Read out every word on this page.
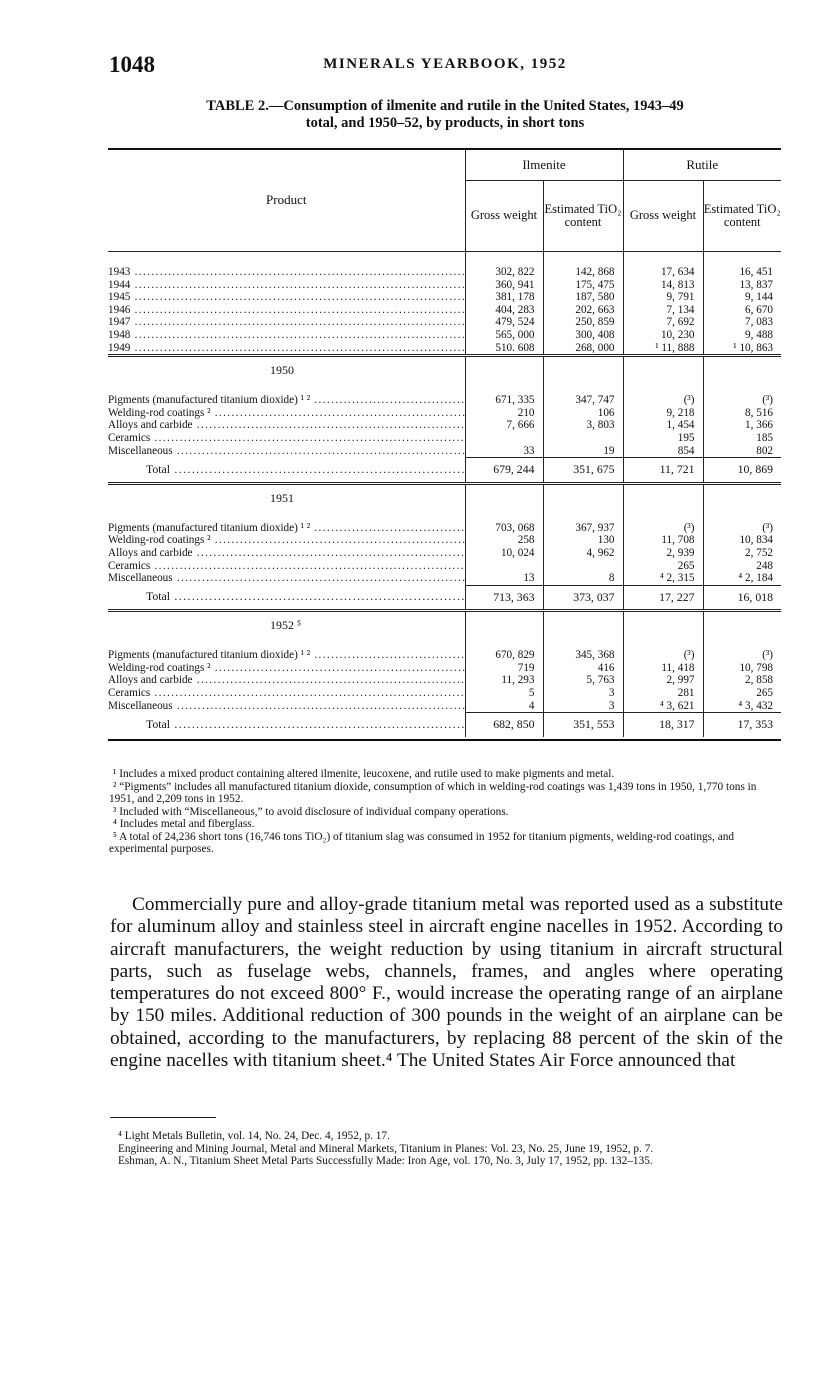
1048	MINERALS YEARBOOK, 1952
TABLE 2.—Consumption of ilmenite and rutile in the United States, 1943–49
total, and 1950–52, by products, in short tons
Product	Ilmenite		Rutile	
	Gross weight	Estimated TiO₂ content	Gross weight	Estimated TiO₂ content

1943 .....	302, 822	142, 868	17, 634	16, 451
1944 .....	360, 941	175, 475	14, 813	13, 837
1945 .....	381, 178	187, 580	9, 791	9, 144
1946 .....	404, 283	202, 663	7, 134	6, 670
1947 .....	479, 524	250, 859	7, 692	7, 083
1948 .....	565, 000	300, 408	10, 230	9, 488
1949 .....	510. 608	268, 000	¹ 11, 888	¹ 10, 863

1950				

Pigments (manufactured titanium dioxide) ¹ ² .....	671, 335	347, 747	(³)	(³)
Welding-rod coatings ² .....	210	106	9, 218	8, 516
Alloys and carbide .....	7, 666	3, 803	1, 454	1, 366
Ceramics .....			195	185
Miscellaneous .....	33	19	854	802
Total .....	679, 244	351, 675	11, 721	10, 869

1951				

Pigments (manufactured titanium dioxide) ¹ ² .....	703, 068	367, 937	(³)	(³)
Welding-rod coatings ² .....	258	130	11, 708	10, 834
Alloys and carbide .....	10, 024	4, 962	2, 939	2, 752
Ceramics .....			265	248
Miscellaneous .....	13	8	⁴ 2, 315	⁴ 2, 184
Total .....	713, 363	373, 037	17, 227	16, 018

1952 ⁵				

Pigments (manufactured titanium dioxide) ¹ ² .....	670, 829	345, 368	(³)	(³)
Welding-rod coatings ² .....	719	416	11, 418	10, 798
Alloys and carbide .....	11, 293	5, 763	2, 997	2, 858
Ceramics .....	5	3	281	265
Miscellaneous .....	4	3	⁴ 3, 621	⁴ 3, 432
Total .....	682, 850	351, 553	18, 317	17, 353

¹ Includes a mixed product containing altered ilmenite, leucoxene, and rutile used to make pigments and metal.

² “Pigments” includes all manufactured titanium dioxide, consumption of which in welding-rod coatings was 1,439 tons in 1950, 1,770 tons in 1951, and 2,209 tons in 1952.

³ Included with “Miscellaneous,” to avoid disclosure of individual company operations.

⁴ Includes metal and fiberglass.

⁵ A total of 24,236 short tons (16,746 tons TiO₂) of titanium slag was consumed in 1952 for titanium pigments, welding-rod coatings, and experimental purposes.

Commercially pure and alloy-grade titanium metal was reported used as a substitute for aluminum alloy and stainless steel in aircraft engine nacelles in 1952. According to aircraft manufacturers, the weight reduction by using titanium in aircraft structural parts, such as fuselage webs, channels, frames, and angles where operating temperatures do not exceed 800° F., would increase the operating range of an airplane by 150 miles. Additional reduction of 300 pounds in the weight of an airplane can be obtained, according to the manufacturers, by replacing 88 percent of the skin of the engine nacelles with titanium sheet.⁴ The United States Air Force announced that

⁴ Light Metals Bulletin, vol. 14, No. 24, Dec. 4, 1952, p. 17.

Engineering and Mining Journal, Metal and Mineral Markets, Titanium in Planes: Vol. 23, No. 25, June 19, 1952, p. 7.

Eshman, A. N., Titanium Sheet Metal Parts Successfully Made: Iron Age, vol. 170, No. 3, July 17, 1952, pp. 132–135.
